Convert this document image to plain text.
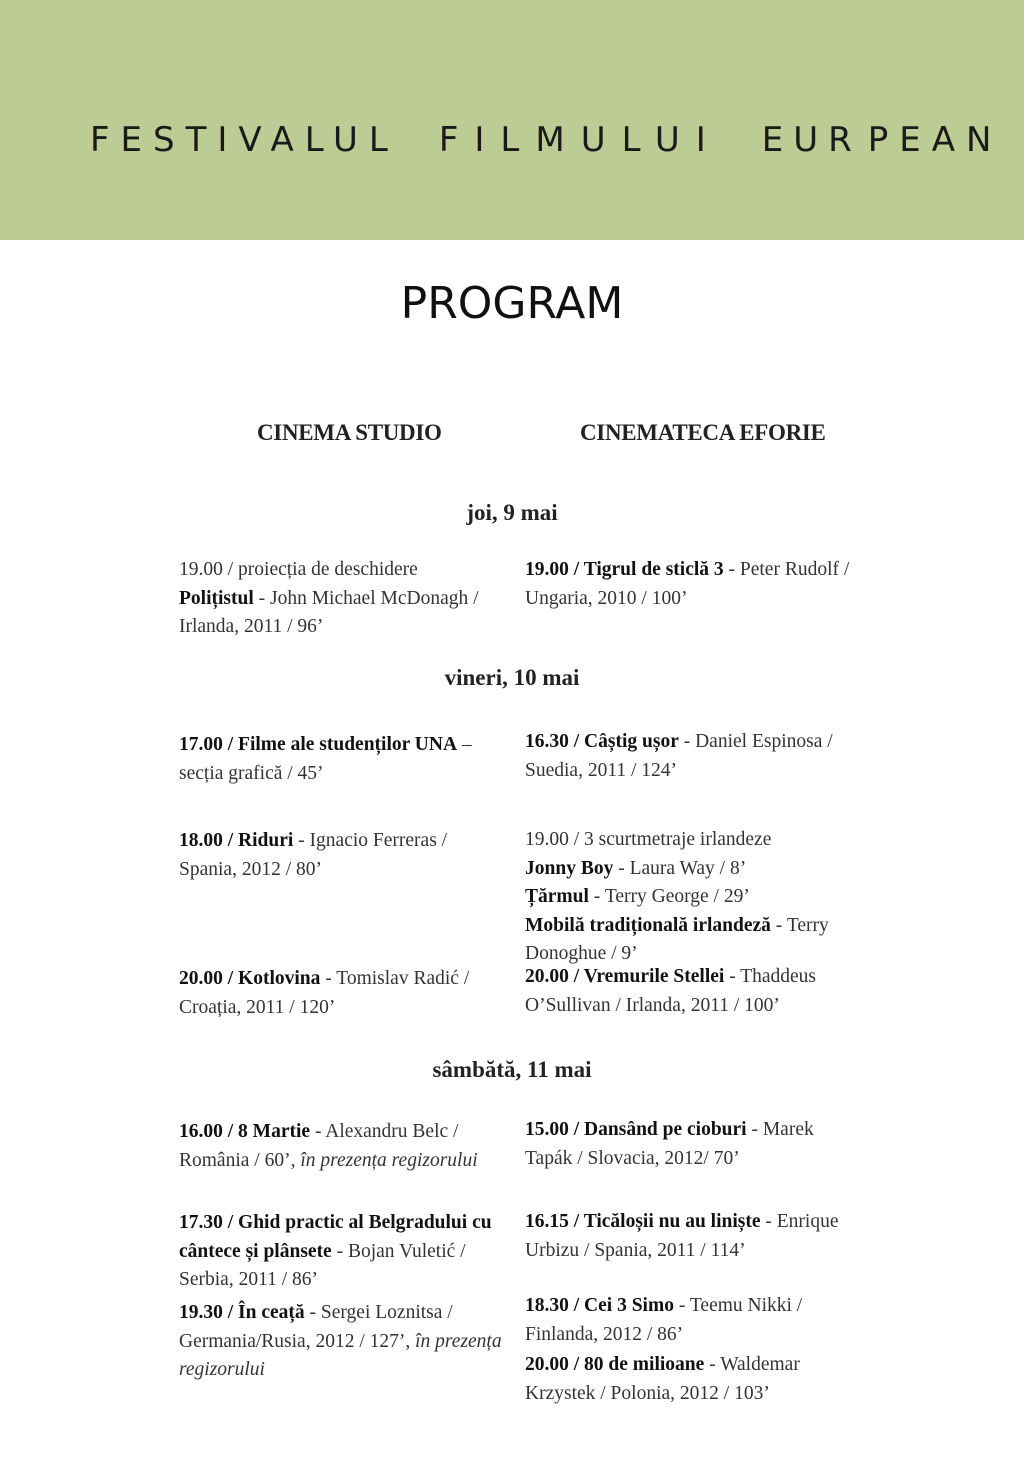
FESTIVALUL FILMULUI EUR PEAN
PROGRAM
CINEMA STUDIO	CINEMATECA EFORIE
joi, 9 mai
19.00 / proiecția de deschidere
Polițistul - John Michael McDonagh / Irlanda, 2011 / 96’
19.00 / Tigrul de sticlă 3 - Peter Rudolf / Ungaria, 2010 / 100’
vineri, 10 mai
17.00 / Filme ale studenților UNA – secția grafică / 45’
16.30 / Câștig ușor - Daniel Espinosa / Suedia, 2011 / 124’
18.00 / Riduri - Ignacio Ferreras / Spania, 2012 / 80’
19.00 / 3 scurtmetraje irlandeze
Jonny Boy - Laura Way / 8’
Țărmul - Terry George / 29’
Mobilă tradițională irlandeză - Terry Donoghue / 9’
20.00 / Kotlovina - Tomislav Radić / Croația, 2011 / 120’
20.00 / Vremurile Stellei - Thaddeus O’Sullivan / Irlanda, 2011 / 100’
sâmbătă, 11 mai
16.00 / 8 Martie - Alexandru Belc / România / 60’, în prezența regizorului
15.00 / Dansând pe cioburi - Marek Tapák / Slovacia, 2012/ 70’
17.30 / Ghid practic al Belgradului cu cântece și plânsete - Bojan Vuletić / Serbia, 2011 / 86’
16.15 / Ticăloșii nu au liniște - Enrique Urbizu / Spania, 2011 / 114’
19.30 / În ceață - Sergei Loznitsa / Germania/Rusia, 2012 / 127’, în prezența regizorului
18.30 / Cei 3 Simo - Teemu Nikki / Finlanda, 2012 / 86’
20.00 / 80 de milioane - Waldemar Krzystek / Polonia, 2012 / 103’
